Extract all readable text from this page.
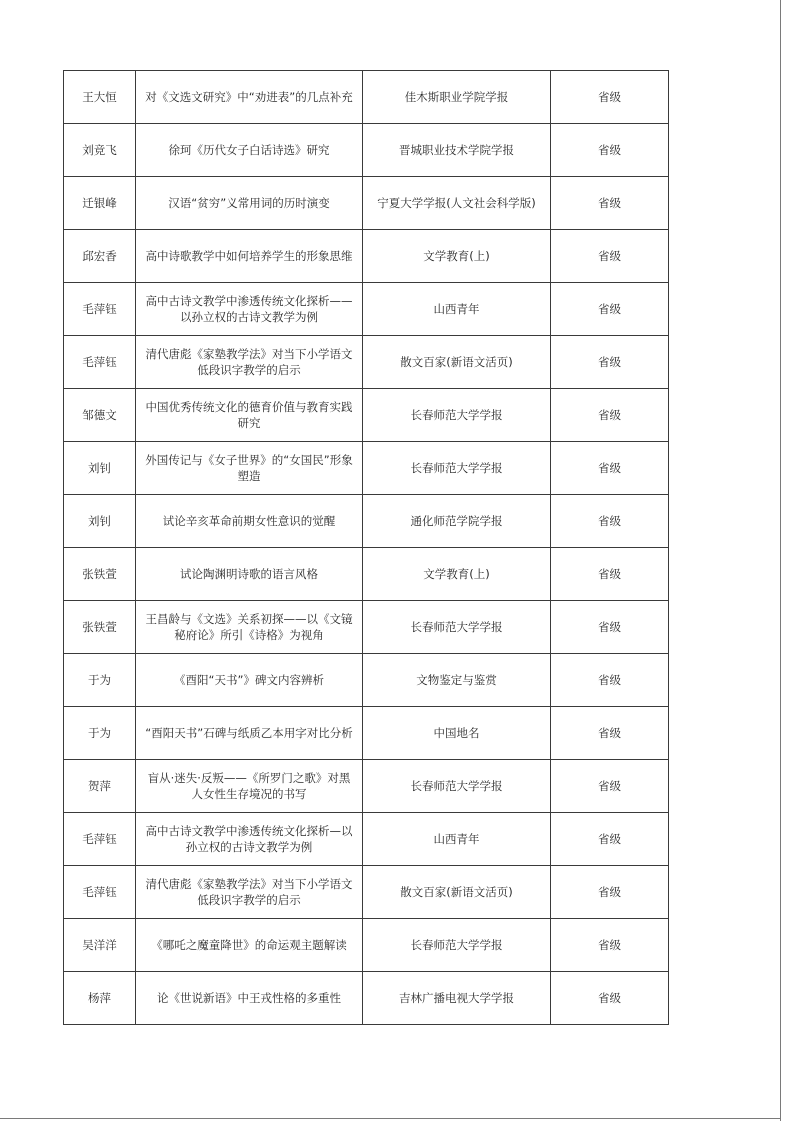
王大恒	对《文选文研究》中“劝进表”的几点补充	佳木斯职业学院学报	省级
刘竞飞	徐珂《历代女子白话诗选》研究	晋城职业技术学院学报	省级
迁银峰	汉语“贫穷”义常用词的历时演变	宁夏大学学报(人文社会科学版)	省级
邱宏香	高中诗歌教学中如何培养学生的形象思维	文学教育(上)	省级
毛萍钰	高中古诗文教学中渗透传统文化探析——以孙立权的古诗文教学为例	山西青年	省级
毛萍钰	清代唐彪《家塾教学法》对当下小学语文低段识字教学的启示	散文百家(新语文活页)	省级
邹德文	中国优秀传统文化的德育价值与教育实践研究	长春师范大学学报	省级
刘钊	外国传记与《女子世界》的“女国民”形象塑造	长春师范大学学报	省级
刘钊	试论辛亥革命前期女性意识的觉醒	通化师范学院学报	省级
张铁萱	试论陶渊明诗歌的语言风格	文学教育(上)	省级
张铁萱	王昌龄与《文选》关系初探——以《文镜秘府论》所引《诗格》为视角	长春师范大学学报	省级
于为	《酉阳“天书”》碑文内容辨析	文物鉴定与鉴赏	省级
于为	“酉阳天书”石碑与纸质乙本用字对比分析	中国地名	省级
贺萍	盲从·迷失·反叛——《所罗门之歌》对黑人女性生存境况的书写	长春师范大学学报	省级
毛萍钰	高中古诗文教学中渗透传统文化探析—以孙立权的古诗文教学为例	山西青年	省级
毛萍钰	清代唐彪《家塾教学法》对当下小学语文低段识字教学的启示	散文百家(新语文活页)	省级
吴洋洋	《哪吒之魔童降世》的命运观主题解读	长春师范大学学报	省级
杨萍	论《世说新语》中王戎性格的多重性	吉林广播电视大学学报	省级
